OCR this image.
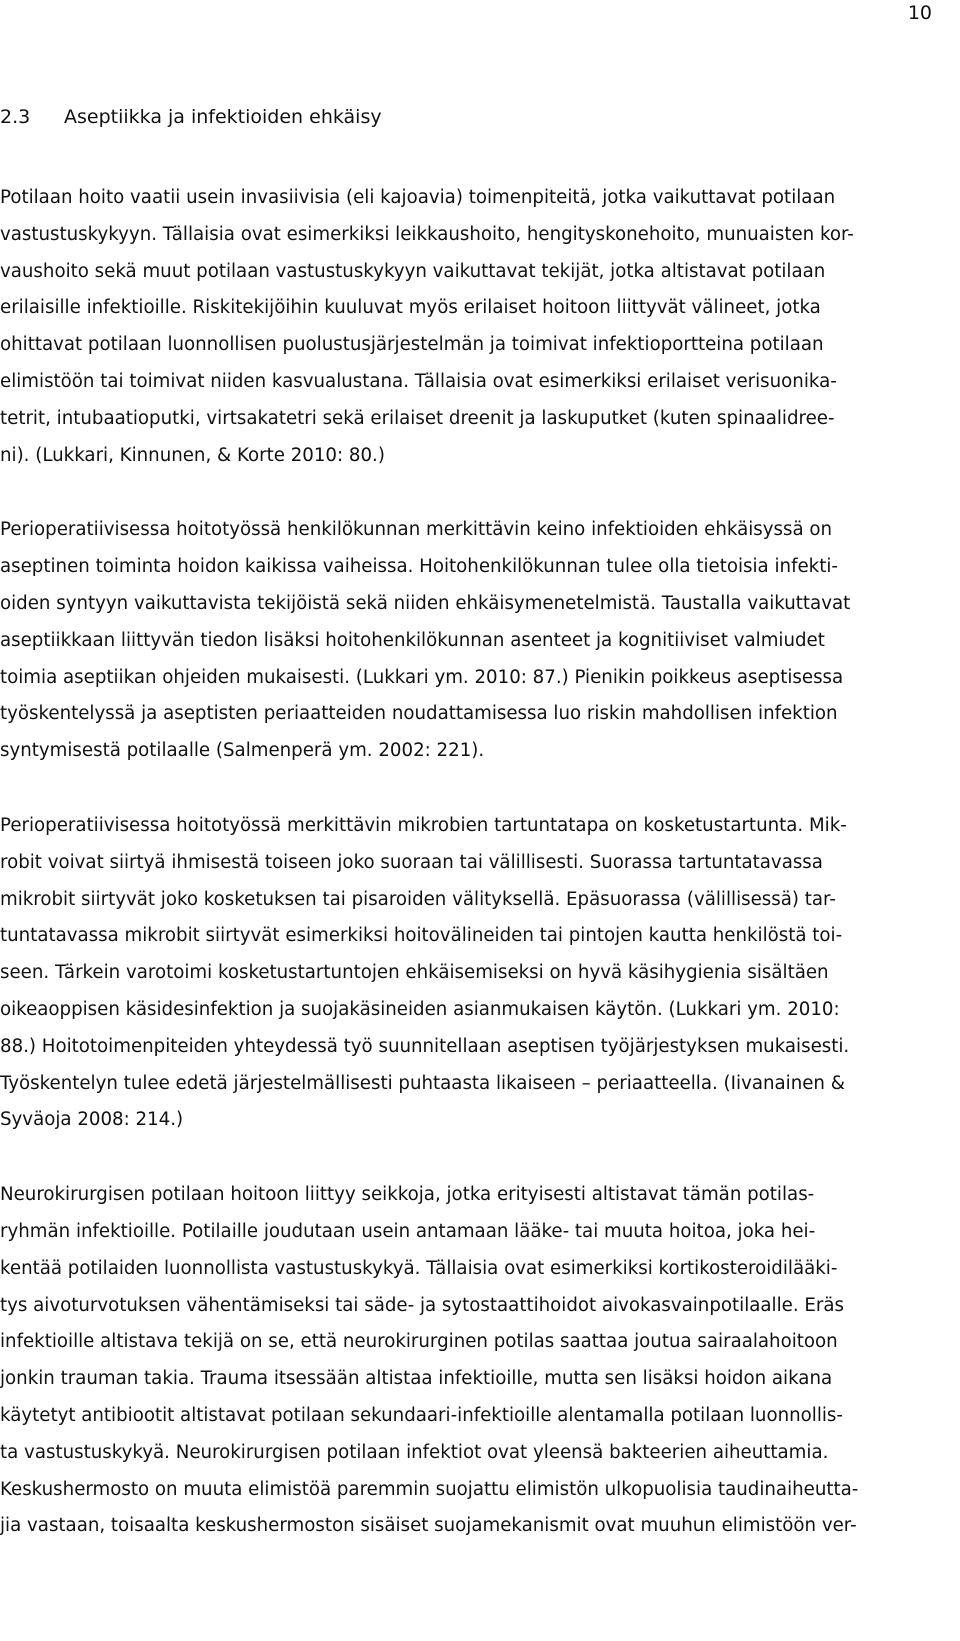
10
2.3 Aseptiikka ja infektioiden ehkäisy

Potilaan hoito vaatii usein invasiivisia (eli kajoavia) toimenpiteitä, jotka vaikuttavat potilaan
vastustuskykyyn. Tällaisia ovat esimerkiksi leikkaushoito, hengityskonehoito, munuaisten kor-
vaushoito sekä muut potilaan vastustuskykyyn vaikuttavat tekijät, jotka altistavat potilaan
erilaisille infektioille. Riskitekijöihin kuuluvat myös erilaiset hoitoon liittyvät välineet, jotka
ohittavat potilaan luonnollisen puolustusjärjestelmän ja toimivat infektioportteina potilaan
elimistöön tai toimivat niiden kasvualustana. Tällaisia ovat esimerkiksi erilaiset verisuonika-
tetrit, intubaatioputki, virtsakatetri sekä erilaiset dreenit ja laskuputket (kuten spinaalidree-
ni). (Lukkari, Kinnunen, & Korte 2010: 80.)

Perioperatiivisessa hoitotyössä henkilökunnan merkittävin keino infektioiden ehkäisyssä on
aseptinen toiminta hoidon kaikissa vaiheissa. Hoitohenkilökunnan tulee olla tietoisia infekti-
oiden syntyyn vaikuttavista tekijöistä sekä niiden ehkäisymenetelmistä. Taustalla vaikuttavat
aseptiikkaan liittyvän tiedon lisäksi hoitohenkilökunnan asenteet ja kognitiiviset valmiudet
toimia aseptiikan ohjeiden mukaisesti. (Lukkari ym. 2010: 87.) Pienikin poikkeus aseptisessa
työskentelyssä ja aseptisten periaatteiden noudattamisessa luo riskin mahdollisen infektion
syntymisestä potilaalle (Salmenperä ym. 2002: 221).

Perioperatiivisessa hoitotyössä merkittävin mikrobien tartuntatapa on kosketustartunta. Mik-
robit voivat siirtyä ihmisestä toiseen joko suoraan tai välillisesti. Suorassa tartuntatavassa
mikrobit siirtyvät joko kosketuksen tai pisaroiden välityksellä. Epäsuorassa (välillisessä) tar-
tuntatavassa mikrobit siirtyvät esimerkiksi hoitovälineiden tai pintojen kautta henkilöstä toi-
seen. Tärkein varotoimi kosketustartuntojen ehkäisemiseksi on hyvä käsihygienia sisältäen
oikeaoppisen käsidesinfektion ja suojakäsineiden asianmukaisen käytön. (Lukkari ym. 2010:
88.) Hoitotoimenpiteiden yhteydessä työ suunnitellaan aseptisen työjärjestyksen mukaisesti.
Työskentelyn tulee edetä järjestelmällisesti puhtaasta likaiseen – periaatteella. (Iivanainen &
Syväoja 2008: 214.)

Neurokirurgisen potilaan hoitoon liittyy seikkoja, jotka erityisesti altistavat tämän potilas-
ryhmän infektioille. Potilaille joudutaan usein antamaan lääke- tai muuta hoitoa, joka hei-
kentää potilaiden luonnollista vastustuskykyä. Tällaisia ovat esimerkiksi kortikosteroidilääki-
tys aivoturvotuksen vähentämiseksi tai säde- ja sytostaattihoidot aivokasvainpotilaalle. Eräs
infektioille altistava tekijä on se, että neurokirurginen potilas saattaa joutua sairaalahoitoon
jonkin trauman takia. Trauma itsessään altistaa infektioille, mutta sen lisäksi hoidon aikana
käytetyt antibiootit altistavat potilaan sekundaari-infektioille alentamalla potilaan luonnollis-
ta vastustuskykyä. Neurokirurgisen potilaan infektiot ovat yleensä bakteerien aiheuttamia.
Keskushermosto on muuta elimistöä paremmin suojattu elimistön ulkopuolisia taudinaiheutta-
jia vastaan, toisaalta keskushermoston sisäiset suojamekanismit ovat muuhun elimistöön ver-
